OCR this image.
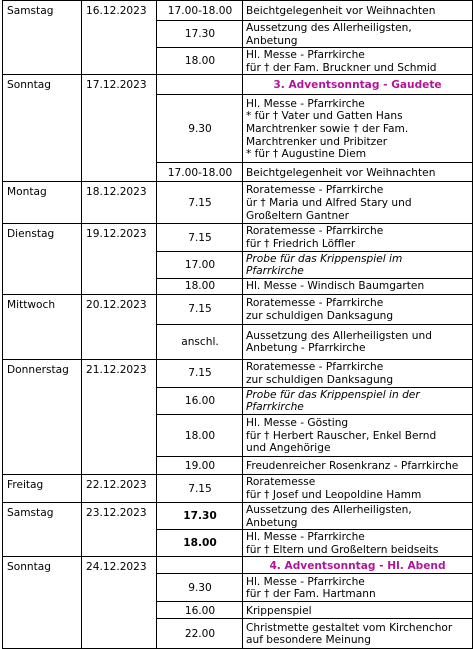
Samstag	16.12.2023	17.00-18.00	Beichtgelegenheit vor Weihnachten
		17.30	Aussetzung des Allerheiligsten,
Anbetung
		18.00	Hl. Messe - Pfarrkirche
für † der Fam. Bruckner und Schmid
Sonntag	17.12.2023		3. Adventsonntag - Gaudete
		9.30	Hl. Messe - Pfarrkirche
* für † Vater und Gatten Hans
Marchtrenker sowie † der Fam.
Marchtrenker und Pribitzer
* für † Augustine Diem
		17.00-18.00	Beichtgelegenheit vor Weihnachten
Montag	18.12.2023	7.15	Roratemesse - Pfarrkirche
ür † Maria und Alfred Stary und
Großeltern Gantner
Dienstag	19.12.2023	7.15	Roratemesse - Pfarrkirche
für † Friedrich Löffler
		17.00	Probe für das Krippenspiel im
Pfarrkirche
		18.00	Hl. Messe - Windisch Baumgarten
Mittwoch	20.12.2023	7.15	Roratemesse - Pfarrkirche
zur schuldigen Danksagung
		anschl.	Aussetzung des Allerheiligsten und
Anbetung - Pfarrkirche
Donnerstag	21.12.2023	7.15	Roratemesse - Pfarrkirche
zur schuldigen Danksagung
		16.00	Probe für das Krippenspiel in der
Pfarrkirche
		18.00	Hl. Messe - Gösting
für † Herbert Rauscher, Enkel Bernd
und Angehörige
		19.00	Freudenreicher Rosenkranz - Pfarrkirche
Freitag	22.12.2023	7.15	Roratemesse
für † Josef und Leopoldine Hamm
Samstag	23.12.2023	17.30	Aussetzung des Allerheiligsten,
Anbetung
		18.00	Hl. Messe - Pfarrkirche
für † Eltern und Großeltern beidseits
Sonntag	24.12.2023		4. Adventsonntag - Hl. Abend
		9.30	Hl. Messe - Pfarrkirche
für † der Fam. Hartmann
		16.00	Krippenspiel
		22.00	Christmette gestaltet vom Kirchenchor
auf besondere Meinung
